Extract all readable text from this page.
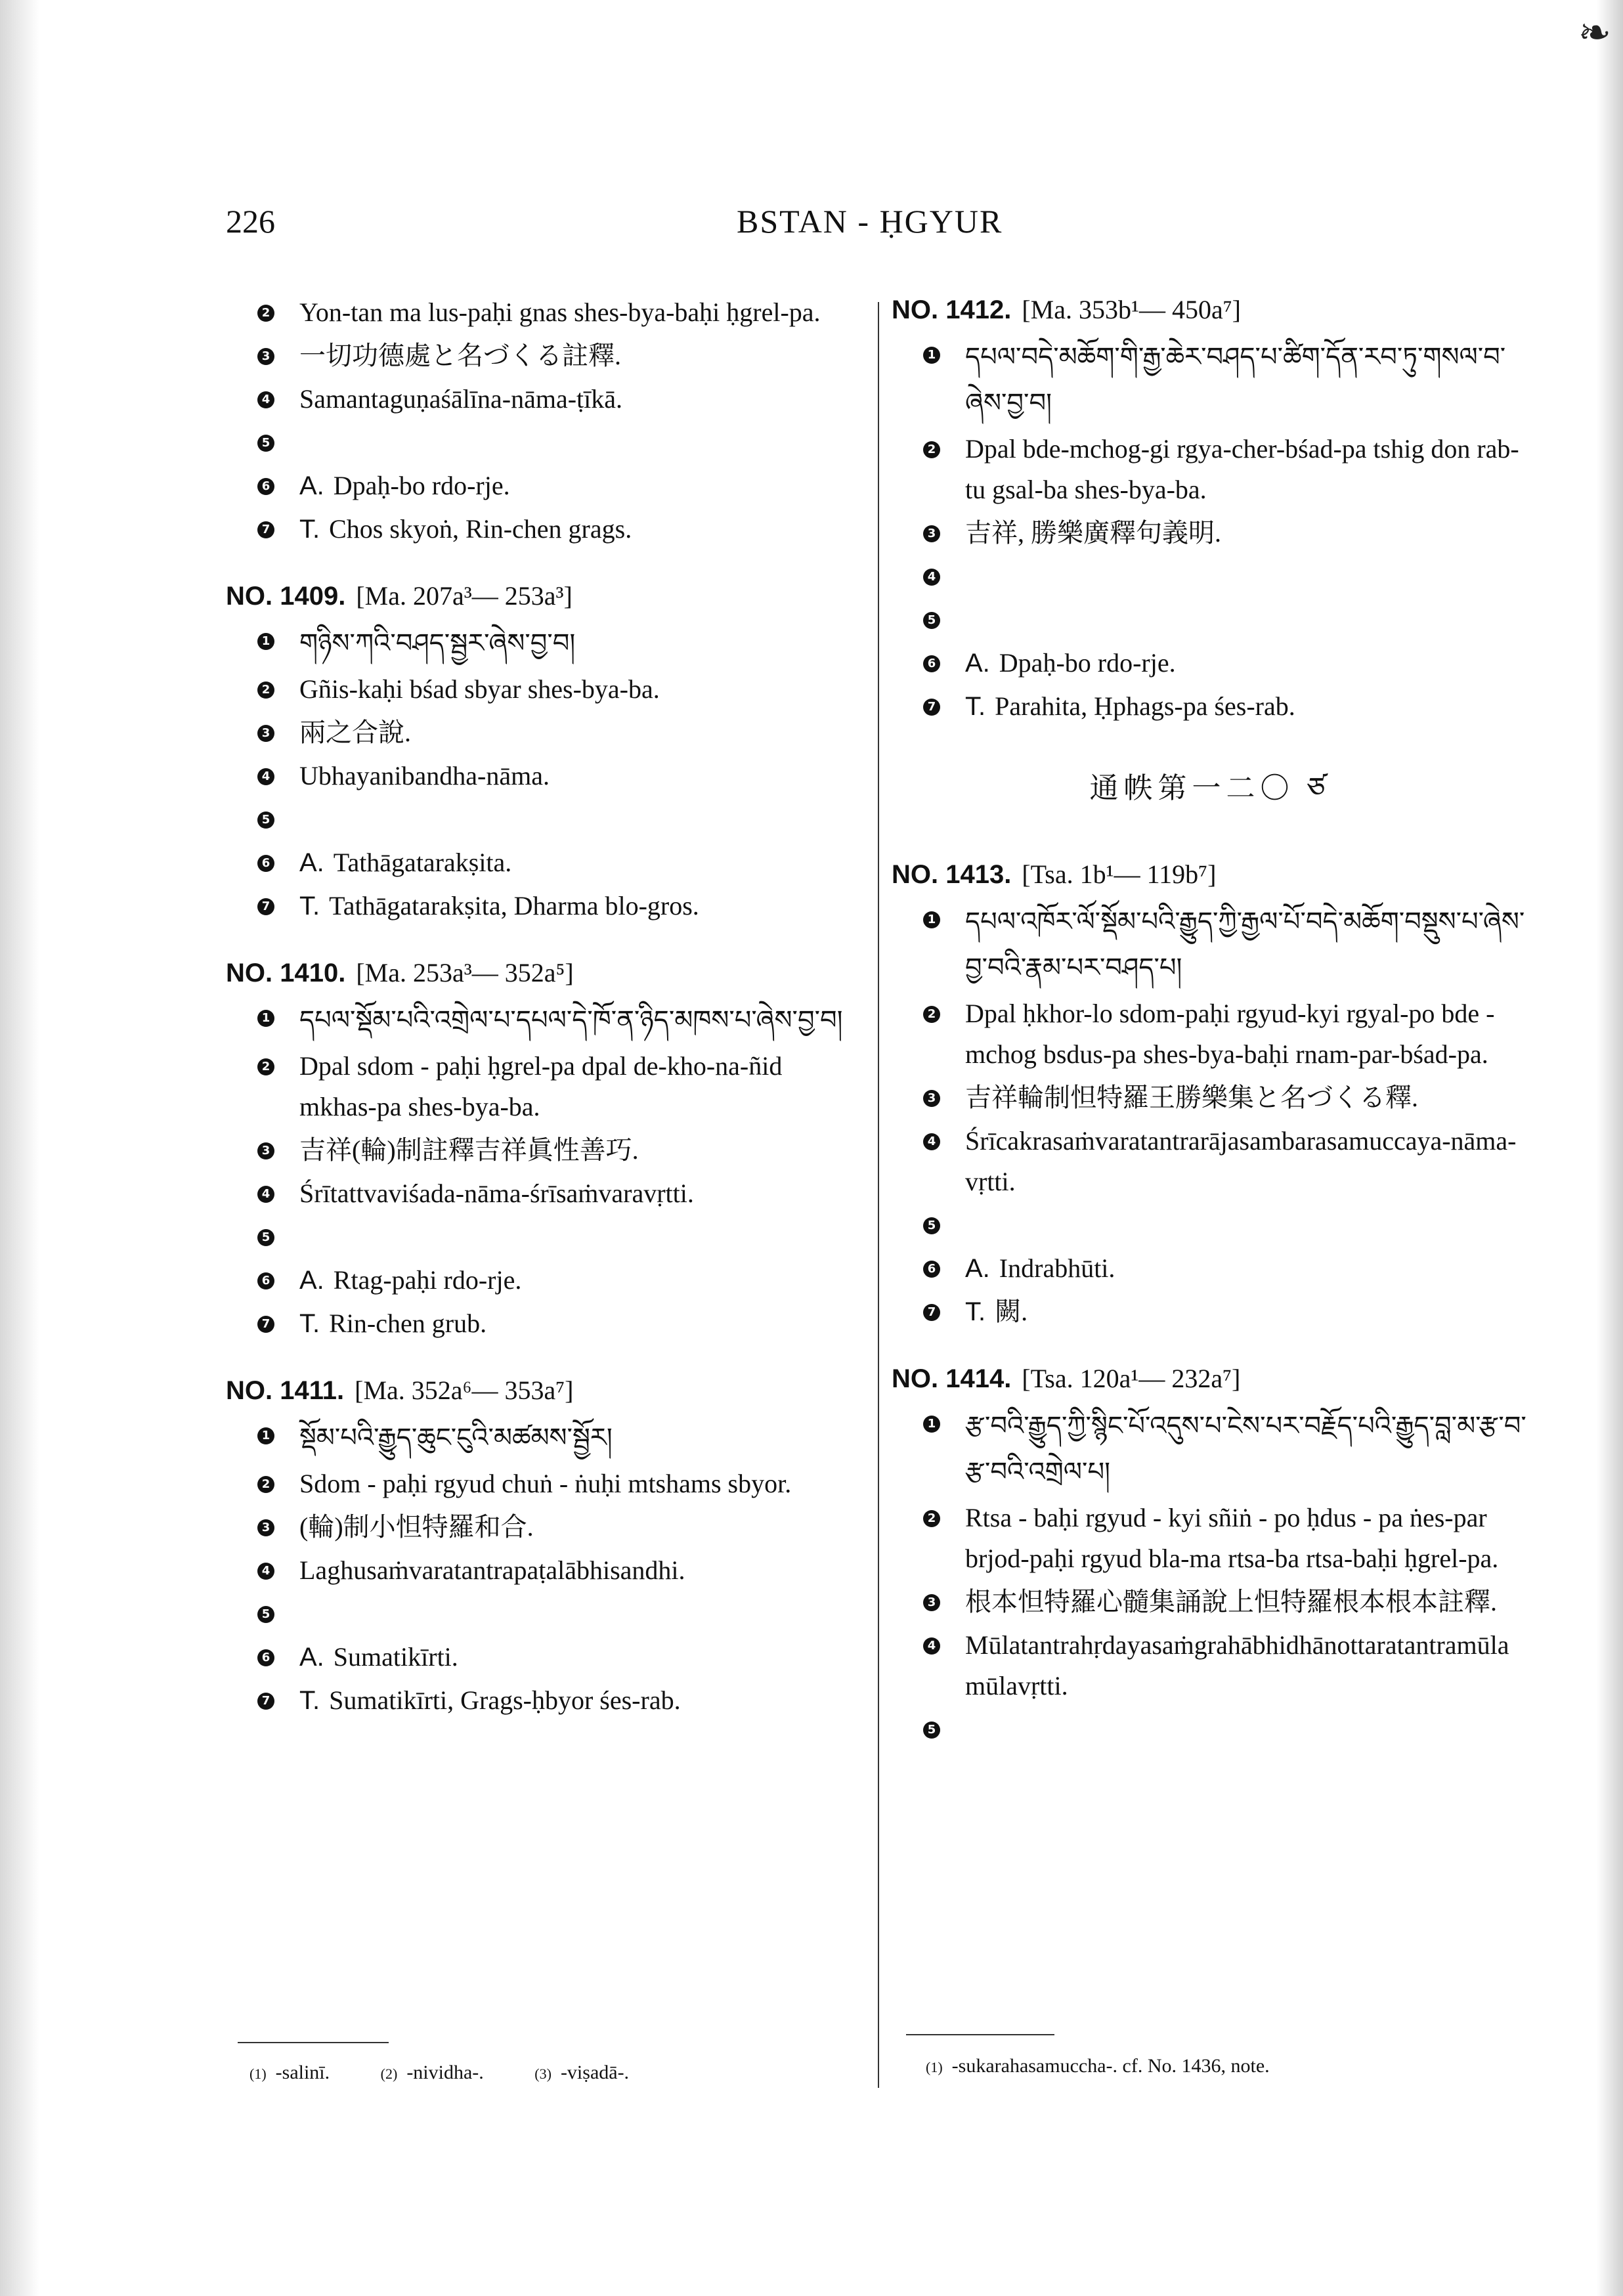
❧
226	BSTAN - ḤGYUR
2 Yon-tan ma lus-paḥi gnas shes-bya-baḥi ḥgrel-pa.
3 一切功德處と名づくる註釋.
4 Samantaguṇaśālīna-nāma-ṭīkā.
5
6 A. Dpaḥ-bo rdo-rje.
7 T. Chos skyoṅ, Rin-chen grags.
NO. 1409. [Ma. 207a³— 253a³]
1 གཉིས་ཀའི་བཤད་སྦྱར་ཞེས་བྱ་བ།
2 Gñis-kaḥi bśad sbyar shes-bya-ba.
3 兩之合說.
4 Ubhayanibandha-nāma.
5
6 A. Tathāgatarakṣita.
7 T. Tathāgatarakṣita, Dharma blo-gros.
NO. 1410. [Ma. 253a³— 352a⁵]
1 དཔལ་སྡོམ་པའི་འགྲེལ་པ་དཔལ་དེ་ཁོ་ན་ཉིད་མཁས་པ་ཞེས་བྱ་བ།
2 Dpal sdom - paḥi ḥgrel-pa dpal de-kho-na-ñid mkhas-pa shes-bya-ba.
3 吉祥(輪)制註釋吉祥眞性善巧.
4 Śrītattvaviśada-nāma-śrīsaṁvaravṛtti.
5
6 A. Rtag-paḥi rdo-rje.
7 T. Rin-chen grub.
NO. 1411. [Ma. 352a⁶— 353a⁷]
1 སྡོམ་པའི་རྒྱུད་ཆུང་ངུའི་མཚམས་སྦྱོར།
2 Sdom - paḥi rgyud chuṅ - ṅuḥi mtshams sbyor.
3 (輪)制小怛特羅和合.
4 Laghusaṁvaratantrapaṭalābhisandhi.
5
6 A. Sumatikīrti.
7 T. Sumatikīrti, Grags-ḥbyor śes-rab.
NO. 1412. [Ma. 353b¹— 450a⁷]
1 དཔལ་བདེ་མཆོག་གི་རྒྱ་ཆེར་བཤད་པ་ཚིག་དོན་རབ་ཏུ་གསལ་བ་ཞེས་བྱ་བ།
2 Dpal bde-mchog-gi rgya-cher-bśad-pa tshig don rab-tu gsal-ba shes-bya-ba.
3 吉祥, 勝樂廣釋句義明.
4
5
6 A. Dpaḥ-bo rdo-rje.
7 T. Parahita, Ḥphags-pa śes-rab.
通帙第一二〇 ཙ
NO. 1413. [Tsa. 1b¹— 119b⁷]
1 དཔལ་འཁོར་ལོ་སྡོམ་པའི་རྒྱུད་ཀྱི་རྒྱལ་པོ་བདེ་མཆོག་བསྡུས་པ་ཞེས་བྱ་བའི་རྣམ་པར་བཤད་པ།
2 Dpal ḥkhor-lo sdom-paḥi rgyud-kyi rgyal-po bde - mchog bsdus-pa shes-bya-baḥi rnam-par-bśad-pa.
3 吉祥輪制怛特羅王勝樂集と名づくる釋.
4 Śrīcakrasaṁvaratantrarājasambarasamuccaya-nāma-vṛtti.
5
6 A. Indrabhūti.
7 T. 闕.
NO. 1414. [Tsa. 120a¹— 232a⁷]
1 རྩ་བའི་རྒྱུད་ཀྱི་སྙིང་པོ་འདུས་པ་ངེས་པར་བརྗོད་པའི་རྒྱུད་བླ་མ་རྩ་བ་རྩ་བའི་འགྲེལ་པ།
2 Rtsa - baḥi rgyud - kyi sñiṅ - po ḥdus - pa ṅes-par brjod-paḥi rgyud bla-ma rtsa-ba rtsa-baḥi ḥgrel-pa.
3 根本怛特羅心髓集誦說上怛特羅根本根本註釋.
4 Mūlatantrahṛdayasaṁgrahābhidhānottaratantramūlamūlavṛtti.
5
(1) -salinī.	(2) -nividha-.	(3) -viṣadā-.	(1) -sukarahasamuccha-. cf. No. 1436, note.
